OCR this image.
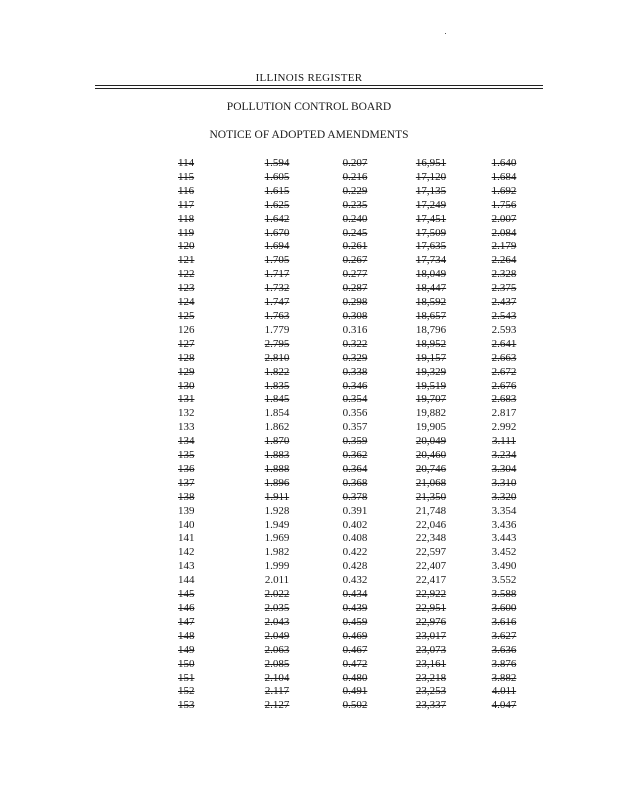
ILLINOIS REGISTER
POLLUTION CONTROL BOARD
NOTICE OF ADOPTED AMENDMENTS
114	1.594	0.207	16,951	1.640
115	1.605	0.216	17,120	1.684
116	1.615	0.229	17,135	1.692
117	1.625	0.235	17,249	1.756
118	1.642	0.240	17,451	2.007
119	1.670	0.245	17,509	2.084
120	1.694	0.261	17,635	2.179
121	1.705	0.267	17,734	2.264
122	1.717	0.277	18,049	2.328
123	1.732	0.287	18,447	2.375
124	1.747	0.298	18,592	2.437
125	1.763	0.308	18,657	2.543
126	1.779	0.316	18,796	2.593
127	2.795	0.322	18,952	2.641
128	2.810	0.329	19,157	2.663
129	1.822	0.338	19,329	2.672
130	1.835	0.346	19,519	2.676
131	1.845	0.354	19,707	2.683
132	1.854	0.356	19,882	2.817
133	1.862	0.357	19,905	2.992
134	1.870	0.359	20,049	3.111
135	1.883	0.362	20,460	3.234
136	1.888	0.364	20,746	3.304
137	1.896	0.368	21,068	3.310
138	1.911	0.378	21,350	3.320
139	1.928	0.391	21,748	3.354
140	1.949	0.402	22,046	3.436
141	1.969	0.408	22,348	3.443
142	1.982	0.422	22,597	3.452
143	1.999	0.428	22,407	3.490
144	2.011	0.432	22,417	3.552
145	2.022	0.434	22,922	3.588
146	2.035	0.439	22,951	3.600
147	2.043	0.459	22,976	3.616
148	2.049	0.469	23,017	3.627
149	2.063	0.467	23,073	3.636
150	2.085	0.472	23,161	3.876
151	2.104	0.480	23,218	3.882
152	2.117	0.491	23,253	4.011
153	2.127	0.502	23,337	4.047
